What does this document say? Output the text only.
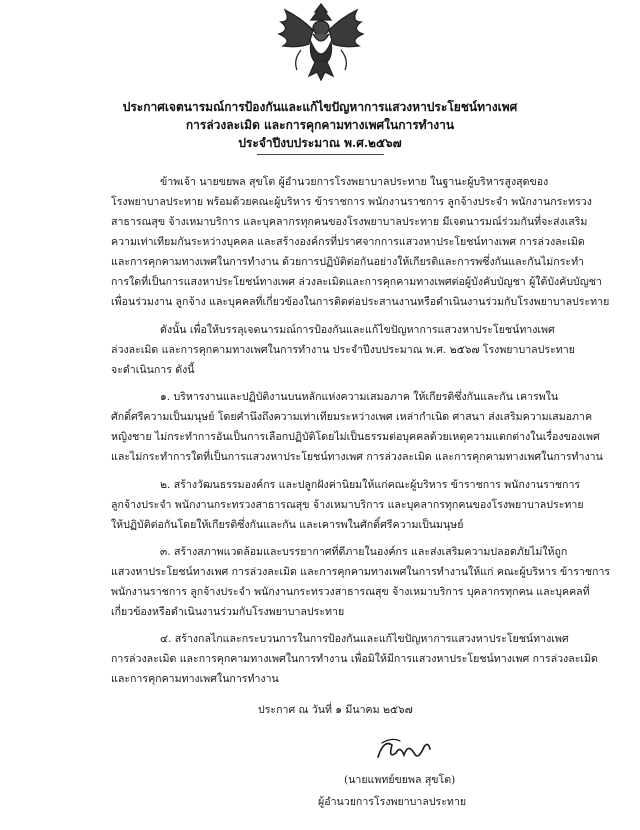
ประกาศเจตนารมณ์การป้องกันและแก้ไขปัญหาการแสวงหาประโยชน์ทางเพศ
การล่วงละเมิด และการคุกคามทางเพศในการทำงาน
ประจำปีงบประมาณ พ.ศ.๒๕๖๗
ข้าพเจ้า นายขยพล สุขโต ผู้อำนวยการโรงพยาบาลประทาย ในฐานะผู้บริหารสูงสุดของ
โรงพยาบาลประทาย พร้อมด้วยคณะผู้บริหาร ข้าราชการ พนักงานราชการ ลูกจ้างประจำ พนักงานกระทรวง
สาธารณสุข จ้างเหมาบริการ และบุคลากรทุกคนของโรงพยาบาลประทาย มีเจตนารมณ์ร่วมกันที่จะส่งเสริม
ความเท่าเทียมกันระหว่างบุคคล และสร้างองค์กรที่ปราศจากการแสวงหาประโยชน์ทางเพศ การล่วงละเมิด
และการคุกคามทางเพศในการทำงาน ด้วยการปฏิบัติต่อกันอย่างให้เกียรติและการพซึ่งกันและกันไม่กระทำ
การใดที่เป็นการแสงหาประโยชน์ทางเพศ ล่วงละเมิดและการคุกคามทางเพศต่อผู้บังคับบัญชา ผู้ใต้บังคับบัญชา
เพื่อนร่วมงาน ลูกจ้าง และบุคคลที่เกี่ยวข้องในการติดต่อประสานงานหรือดำเนินงานร่วมกับโรงพยาบาลประทาย
ดังนั้น เพื่อให้บรรลุเจตนารมณ์การป้องกันและแก้ไขปัญหาการแสวงหาประโยชน์ทางเพศ
ล่วงละเมิด และการคุกคามทางเพศในการทำงาน ประจำปีงบประมาณ พ.ศ. ๒๕๖๗ โรงพยาบาลประทาย
จะดำเนินการ ดังนี้
๑. บริหารงานและปฏิบัติงานบนหลักแห่งความเสมอภาค ให้เกียรติซึ่งกันและกัน เคารพใน
ศักดิ์ศรีความเป็นมนุษย์ โดยคำนึงถึงความเท่าเทียมระหว่างเพศ เหล่ากำเนิด ศาสนา ส่งเสริมความเสมอภาค
หญิงชาย ไม่กระทำการอันเป็นการเลือกปฏิบัติโดยไม่เป็นธรรมต่อบุคคลด้วยเหตุความแตกต่างในเรื่องของเพศ
และไม่กระทำการใดที่เป็นการแสวงหาประโยชน์ทางเพศ การล่วงละเมิด และการคุกคามทางเพศในการทำงาน
๒. สร้างวัฒนธรรมองค์กร และปลูกฝังค่านิยมให้แก่คณะผู้บริหาร ข้าราชการ พนักงานราชการ
ลูกจ้างประจำ พนักงานกระทรวงสาธารณสุข จ้างเหมาบริการ และบุคลากรทุกคนของโรงพยาบาลประทาย
ให้ปฏิบัติต่อกันโดยให้เกียรติซึ่งกันและกัน และเคารพในศักดิ์ศรีความเป็นมนุษย์
๓. สร้างสภาพแวดล้อมและบรรยากาศที่ดีภายในองค์กร และส่งเสริมความปลอดภัยไม่ให้ถูก
แสวงหาประโยชน์ทางเพศ การล่วงละเมิด และการคุกคามทางเพศในการทำงานให้แก่ คณะผู้บริหาร ข้าราชการ
พนักงานราชการ ลูกจ้างประจำ พนักงานกระทรวงสาธารณสุข จ้างเหมาบริการ บุคลากรทุกคน และบุคคลที่
เกี่ยวข้องหรือดำเนินงานร่วมกับโรงพยาบาลประทาย
๔. สร้างกลไกและกระบวนการในการป้องกันและแก้ไขปัญหาการแสวงหาประโยชน์ทางเพศ
การล่วงละเมิด และการคุกคามทางเพศในการทำงาน เพื่อมิให้มีการแสวงหาประโยชน์ทางเพศ การล่วงละเมิด
และการคุกคามทางเพศในการทำงาน
ประกาศ ณ วันที่ ๑ มีนาคม ๒๕๖๗
(นายแพทย์ขยพล สุขโต)
ผู้อำนวยการโรงพยาบาลประทาย
